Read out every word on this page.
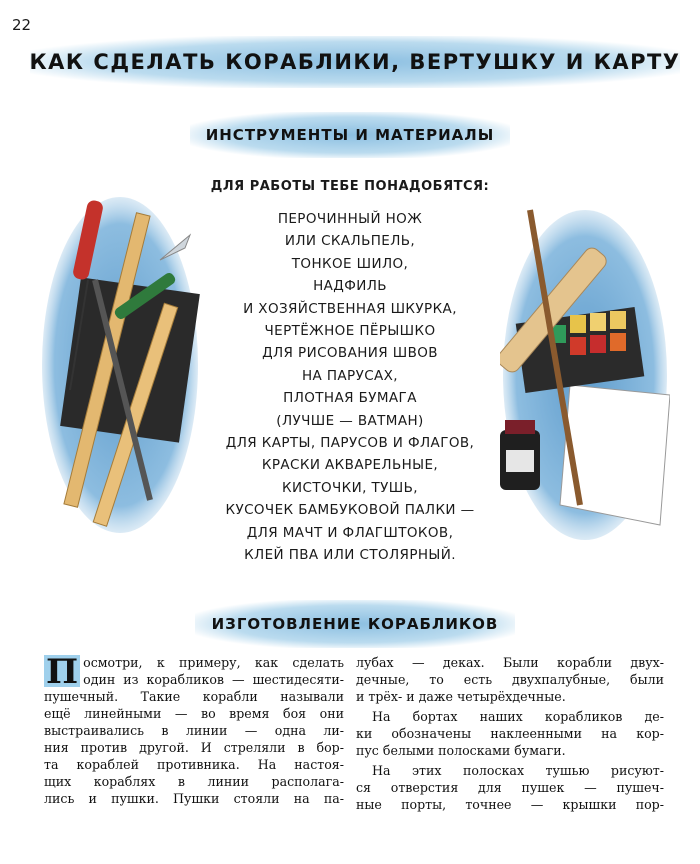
22
КАК СДЕЛАТЬ КОРАБЛИКИ, ВЕРТУШКУ И КАРТУ
ИНСТРУМЕНТЫ И МАТЕРИАЛЫ
ДЛЯ РАБОТЫ ТЕБЕ ПОНАДОБЯТСЯ:
ПЕРОЧИННЫЙ НОЖ
ИЛИ СКАЛЬПЕЛЬ,
ТОНКОЕ ШИЛО,
НАДФИЛЬ
И ХОЗЯЙСТВЕННАЯ ШКУРКА,
ЧЕРТЁЖНОЕ ПЁРЫШКО
ДЛЯ РИСОВАНИЯ ШВОВ
НА ПАРУСАХ,
ПЛОТНАЯ БУМАГА
(ЛУЧШЕ — ВАТМАН)
ДЛЯ КАРТЫ, ПАРУСОВ И ФЛАГОВ,
КРАСКИ АКВАРЕЛЬНЫЕ,
КИСТОЧКИ, ТУШЬ,
КУСОЧЕК БАМБУКОВОЙ ПАЛКИ —
ДЛЯ МАЧТ И ФЛАГШТОКОВ,
КЛЕЙ ПВА ИЛИ СТОЛЯРНЫЙ.
ИЗГОТОВЛЕНИЕ КОРАБЛИКОВ
П осмотри, к примеру, как сделать

один из корабликов — шестидесяти-

пушечный. Такие корабли называли

ещё линейными — во время боя они

выстраивались в линии — одна ли-

ния против другой. И стреляли в бор-

та кораблей противника. На настоя-

щих кораблях в линии располага-

лись и пушки. Пушки стояли на па-

лубах — деках. Были корабли двух-

дечные, то есть двухпалубные, были

и трёх- и даже четырёхдечные.

На бортах наших корабликов де-

ки обозначены наклеенными на кор-

пус белыми полосками бумаги.

На этих полосках тушью рисуют-

ся отверстия для пушек — пушеч-

ные порты, точнее — крышки пор-
